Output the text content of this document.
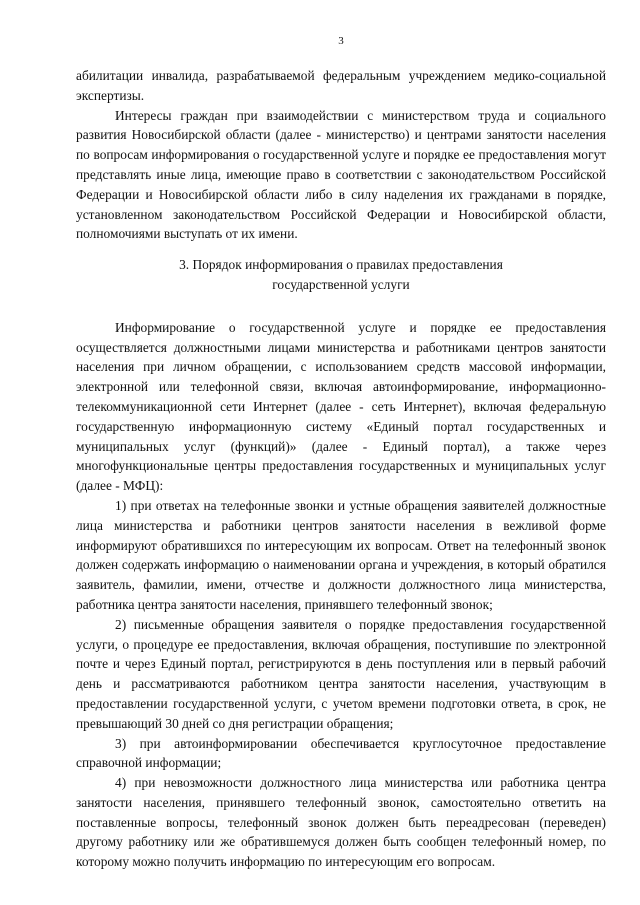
3

абилитации инвалида, разрабатываемой федеральным учреждением медико-социальной экспертизы.

Интересы граждан при взаимодействии с министерством труда и социального развития Новосибирской области (далее - министерство) и центрами занятости населения по вопросам информирования о государственной услуге и порядке ее предоставления могут представлять иные лица, имеющие право в соответствии с законодательством Российской Федерации и Новосибирской области либо в силу наделения их гражданами в порядке, установленном законодательством Российской Федерации и Новосибирской области, полномочиями выступать от их имени.

3. Порядок информирования о правилах предоставления
государственной услуги

Информирование о государственной услуге и порядке ее предоставления осуществляется должностными лицами министерства и работниками центров занятости населения при личном обращении, с использованием средств массовой информации, электронной или телефонной связи, включая автоинформирование, информационно-телекоммуникационной сети Интернет (далее - сеть Интернет), включая федеральную государственную информационную систему «Единый портал государственных и муниципальных услуг (функций)» (далее - Единый портал), а также через многофункциональные центры предоставления государственных и муниципальных услуг (далее - МФЦ):

1) при ответах на телефонные звонки и устные обращения заявителей должностные лица министерства и работники центров занятости населения в вежливой форме информируют обратившихся по интересующим их вопросам. Ответ на телефонный звонок должен содержать информацию о наименовании органа и учреждения, в который обратился заявитель, фамилии, имени, отчестве и должности должностного лица министерства, работника центра занятости населения, принявшего телефонный звонок;

2) письменные обращения заявителя о порядке предоставления государственной услуги, о процедуре ее предоставления, включая обращения, поступившие по электронной почте и через Единый портал, регистрируются в день поступления или в первый рабочий день и рассматриваются работником центра занятости населения, участвующим в предоставлении государственной услуги, с учетом времени подготовки ответа, в срок, не превышающий 30 дней со дня регистрации обращения;

3) при автоинформировании обеспечивается круглосуточное предоставление справочной информации;

4) при невозможности должностного лица министерства или работника центра занятости населения, принявшего телефонный звонок, самостоятельно ответить на поставленные вопросы, телефонный звонок должен быть переадресован (переведен) другому работнику или же обратившемуся должен быть сообщен телефонный номер, по которому можно получить информацию по интересующим его вопросам.
